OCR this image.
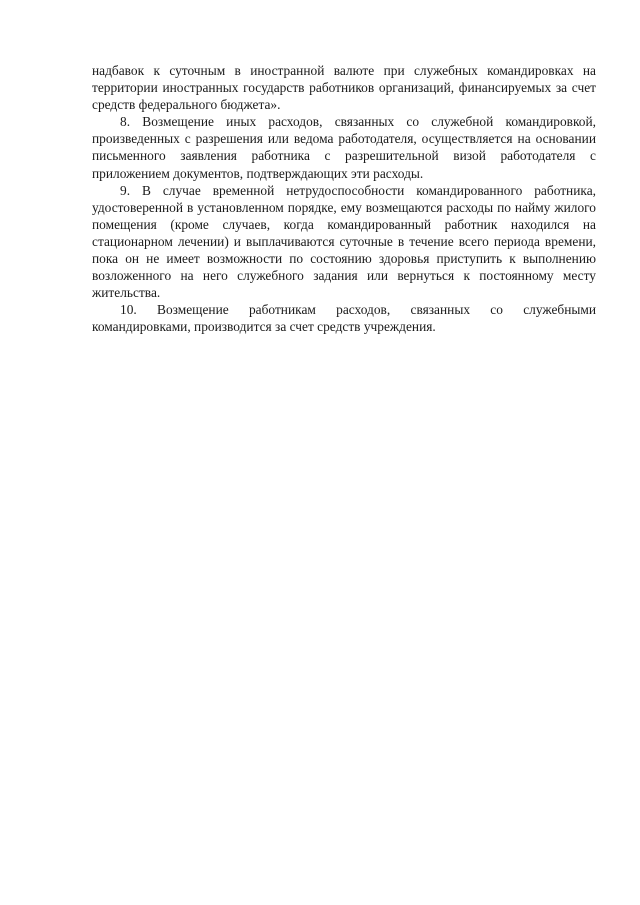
надбавок к суточным в иностранной валюте при служебных командировках на территории иностранных государств работников организаций, финансируемых за счет средств федерального бюджета».

8. Возмещение иных расходов, связанных со служебной командировкой, произведенных с разрешения или ведома работодателя, осуществляется на основании письменного заявления работника с разрешительной визой работодателя с приложением документов, подтверждающих эти расходы.

9. В случае временной нетрудоспособности командированного работника, удостоверенной в установленном порядке, ему возмещаются расходы по найму жилого помещения (кроме случаев, когда командированный работник находился на стационарном лечении) и выплачиваются суточные в течение всего периода времени, пока он не имеет возможности по состоянию здоровья приступить к выполнению возложенного на него служебного задания или вернуться к постоянному месту жительства.

10. Возмещение работникам расходов, связанных со служебными командировками, производится за счет средств учреждения.
